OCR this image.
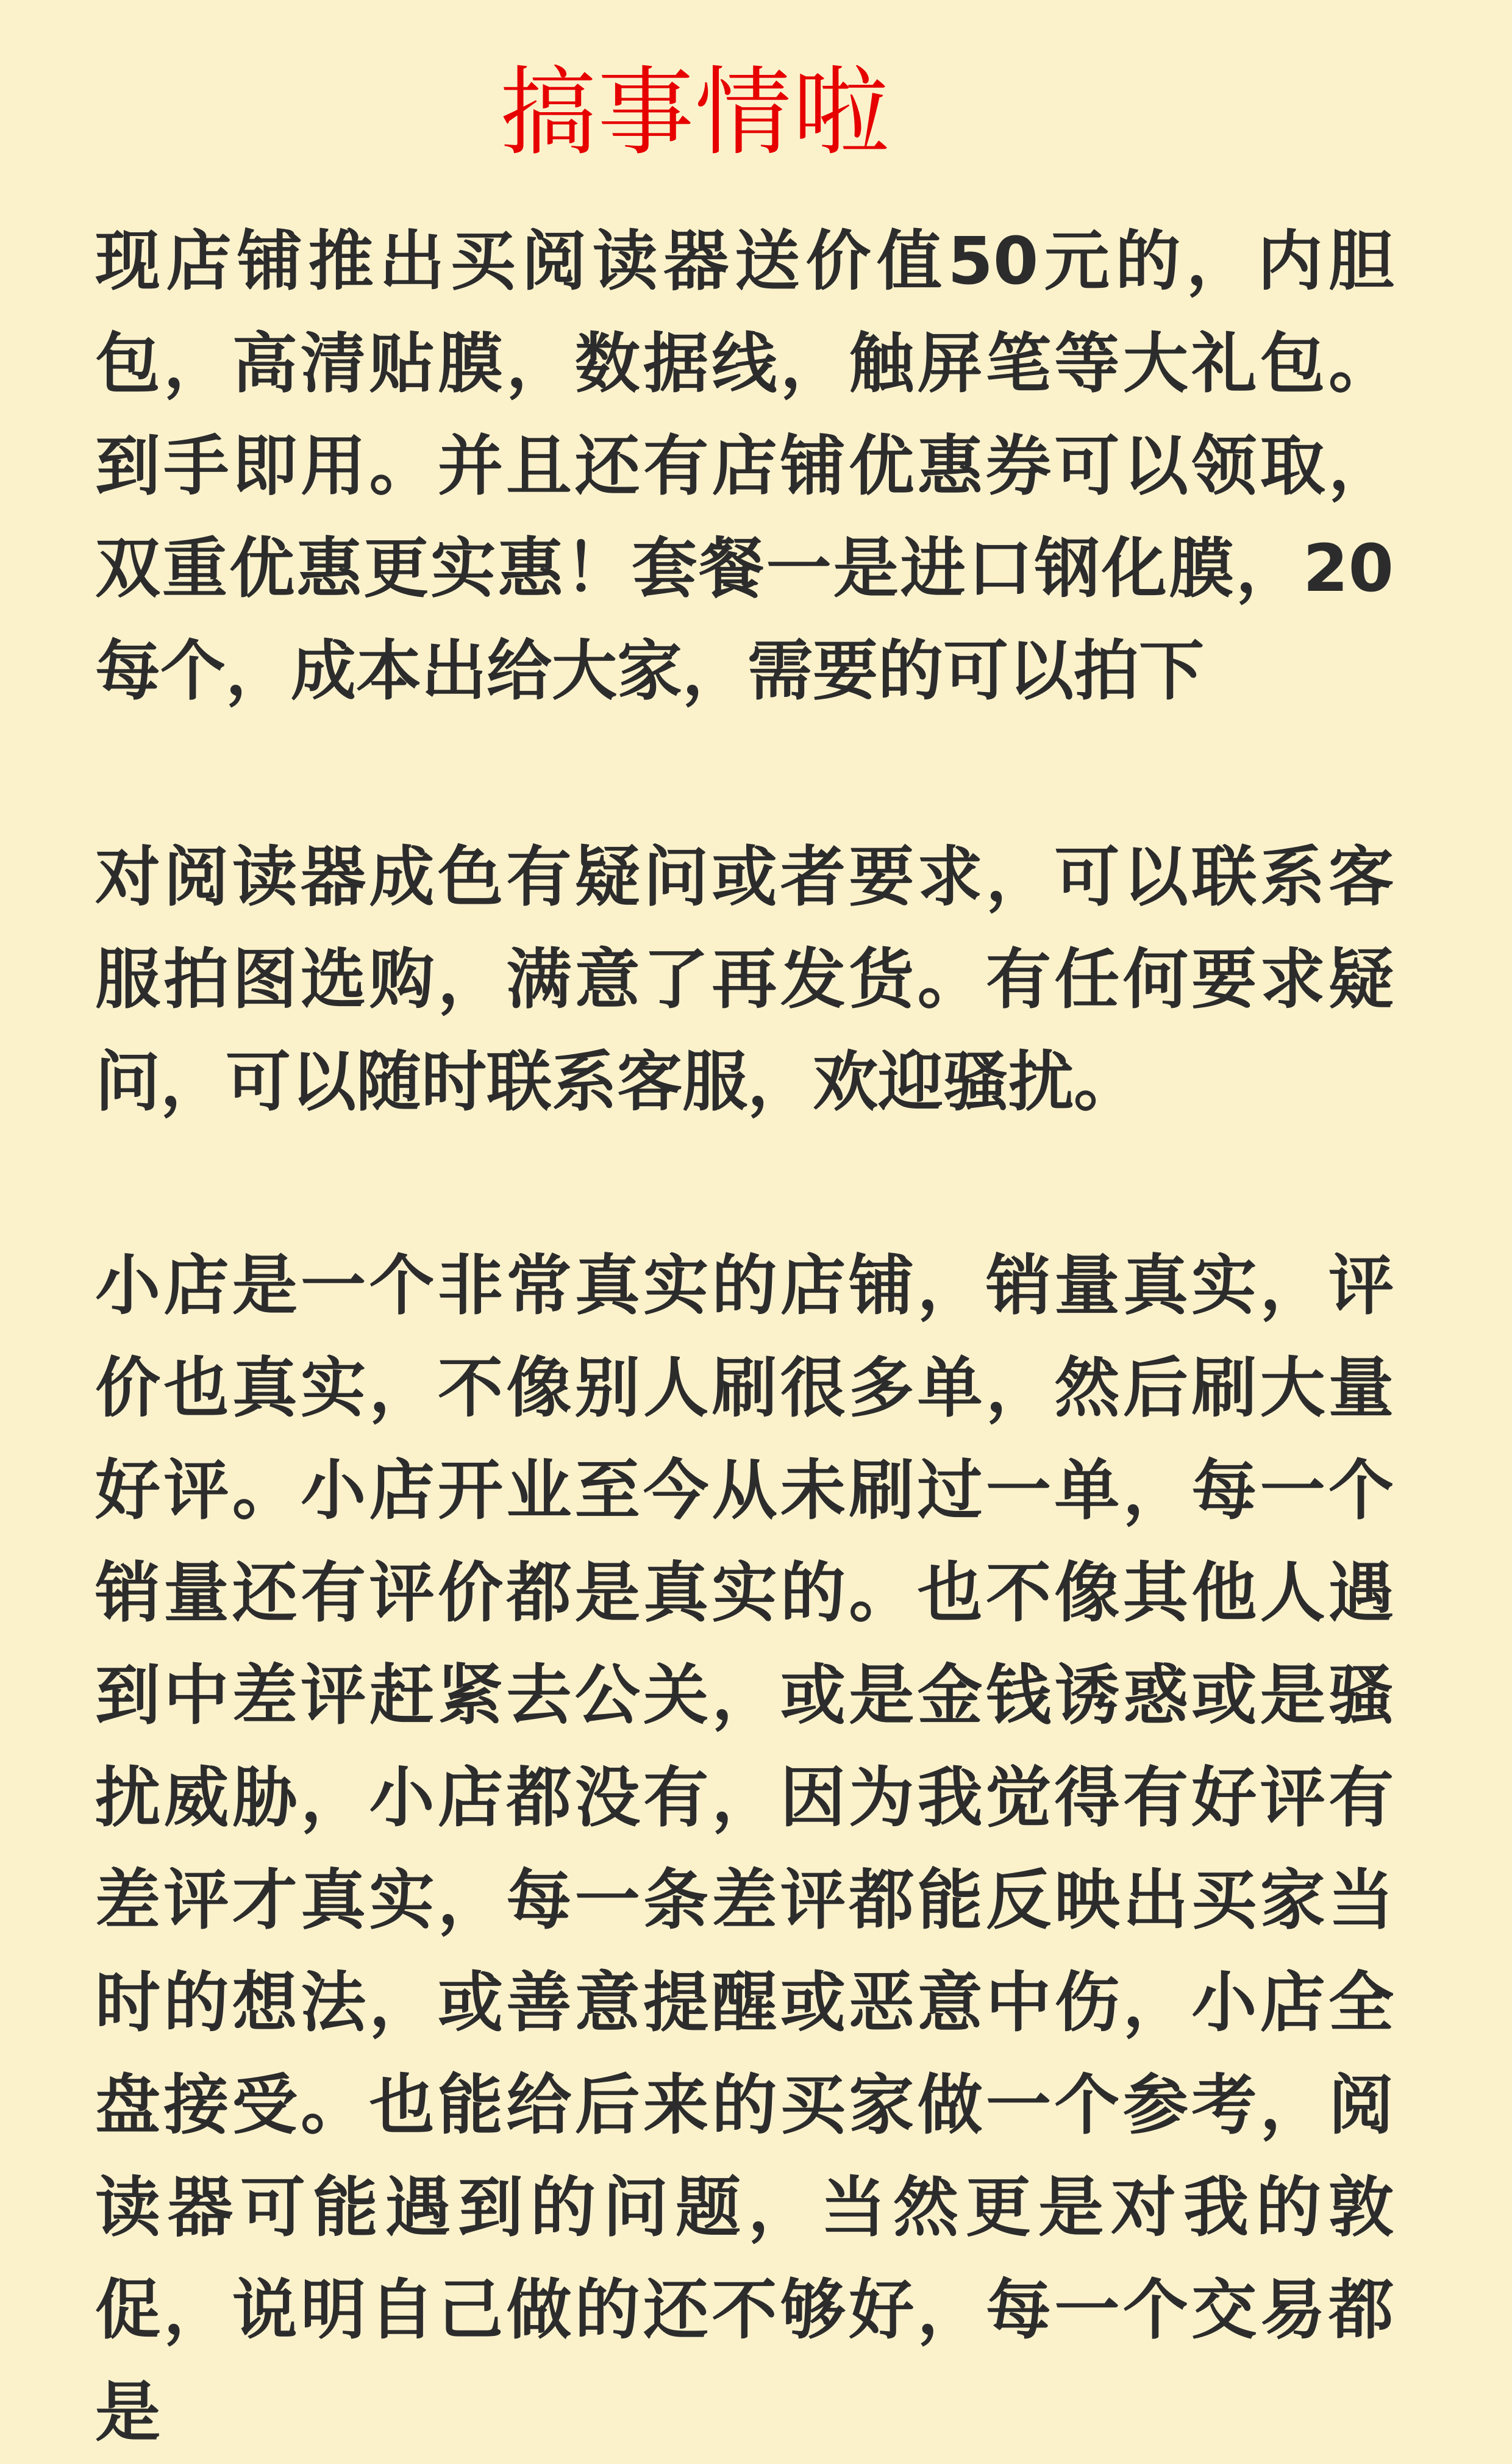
搞事情啦
现店铺推出买阅读器送价值50元的，内胆包，高清贴膜，数据线，触屏笔等大礼包。到手即用。并且还有店铺优惠券可以领取，双重优惠更实惠！套餐一是进口钢化膜，20每个，成本出给大家，需要的可以拍下
对阅读器成色有疑问或者要求，可以联系客服拍图选购，满意了再发货。有任何要求疑问，可以随时联系客服，欢迎骚扰。
小店是一个非常真实的店铺，销量真实，评价也真实，不像别人刷很多单，然后刷大量好评。小店开业至今从未刷过一单，每一个销量还有评价都是真实的。也不像其他人遇到中差评赶紧去公关，或是金钱诱惑或是骚扰威胁，小店都没有，因为我觉得有好评有差评才真实，每一条差评都能反映出买家当时的想法，或善意提醒或恶意中伤，小店全盘接受。也能给后来的买家做一个参考，阅读器可能遇到的问题，当然更是对我的敦促，说明自己做的还不够好，每一个交易都是
